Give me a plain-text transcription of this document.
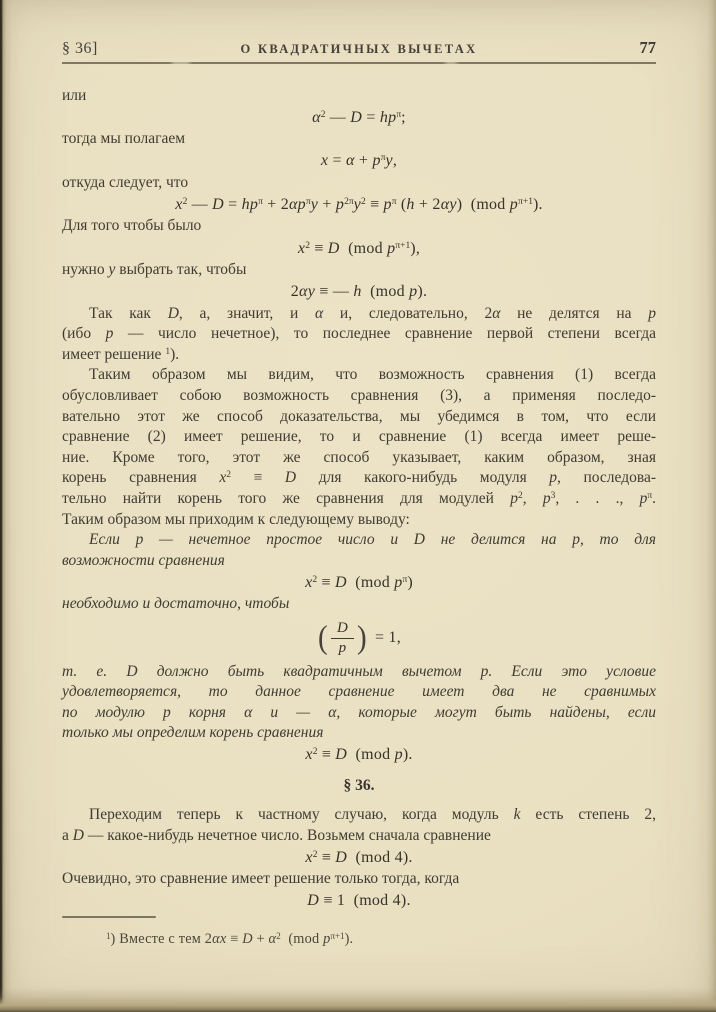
§ 36]	О КВАДРАТИЧНЫХ ВЫЧЕТАХ	77
или
$\alpha^2$ — $D = hp^\pi$;
тогда мы полагаем
$x = \alpha + p^\pi y$,
откуда следует, что
$x^2$ — $D = hp^\pi + 2\alpha p^\pi y + p^{2\pi}y^2 \equiv p^\pi$ (h + 2αy)  (mod $p^{\pi+1}$).
Для того чтобы было
$x^2 \equiv D$  (mod $p^{\pi+1}$),
нужно y выбрать так, чтобы
2αy ≡ — h  (mod p).
Так как D, а, значит, и α и, следовательно, 2α не делятся на p
(ибо p — число нечетное), то последнее сравнение первой степени всегда
имеет решение $^1$).
Таким образом мы видим, что возможность сравнения (1) всегда
обусловливает собою возможность сравнения (3), а применяя последо-
вательно этот же способ доказательства, мы убедимся в том, что если
сравнение (2) имеет решение, то и сравнение (1) всегда имеет реше-
ние. Кроме того, этот же способ указывает, каким образом, зная
корень сравнения $x^2 \equiv D$ для какого-нибудь модуля p, последова-
тельно найти корень того же сравнения для модулей $p^2$, $p^3$, . . ., $p^\pi$.
Таким образом мы приходим к следующему выводу:
Если p — нечетное простое число и D не делится на p, то для
возможности сравнения
$x^2 \equiv D$  (mod $p^\pi$)
необходимо и достаточно, чтобы
( $\frac{D}{p}$ ) = 1,
т. е. D должно быть квадратичным вычетом p. Если это условие
удовлетворяется, то данное сравнение имеет два не сравнимых
по модулю p корня α и — α, которые могут быть найдены, если
только мы определим корень сравнения
$x^2 \equiv D$  (mod p).
§ 36.
Переходим теперь к частному случаю, когда модуль k есть степень 2,
а D — какое-нибудь нечетное число. Возьмем сначала сравнение
$x^2 \equiv D$  (mod 4).
Очевидно, это сравнение имеет решение только тогда, когда
D ≡ 1  (mod 4).
$^1$) Вместе с тем $2\alpha x \equiv D + \alpha^2$  (mod $p^{\pi+1}$).
